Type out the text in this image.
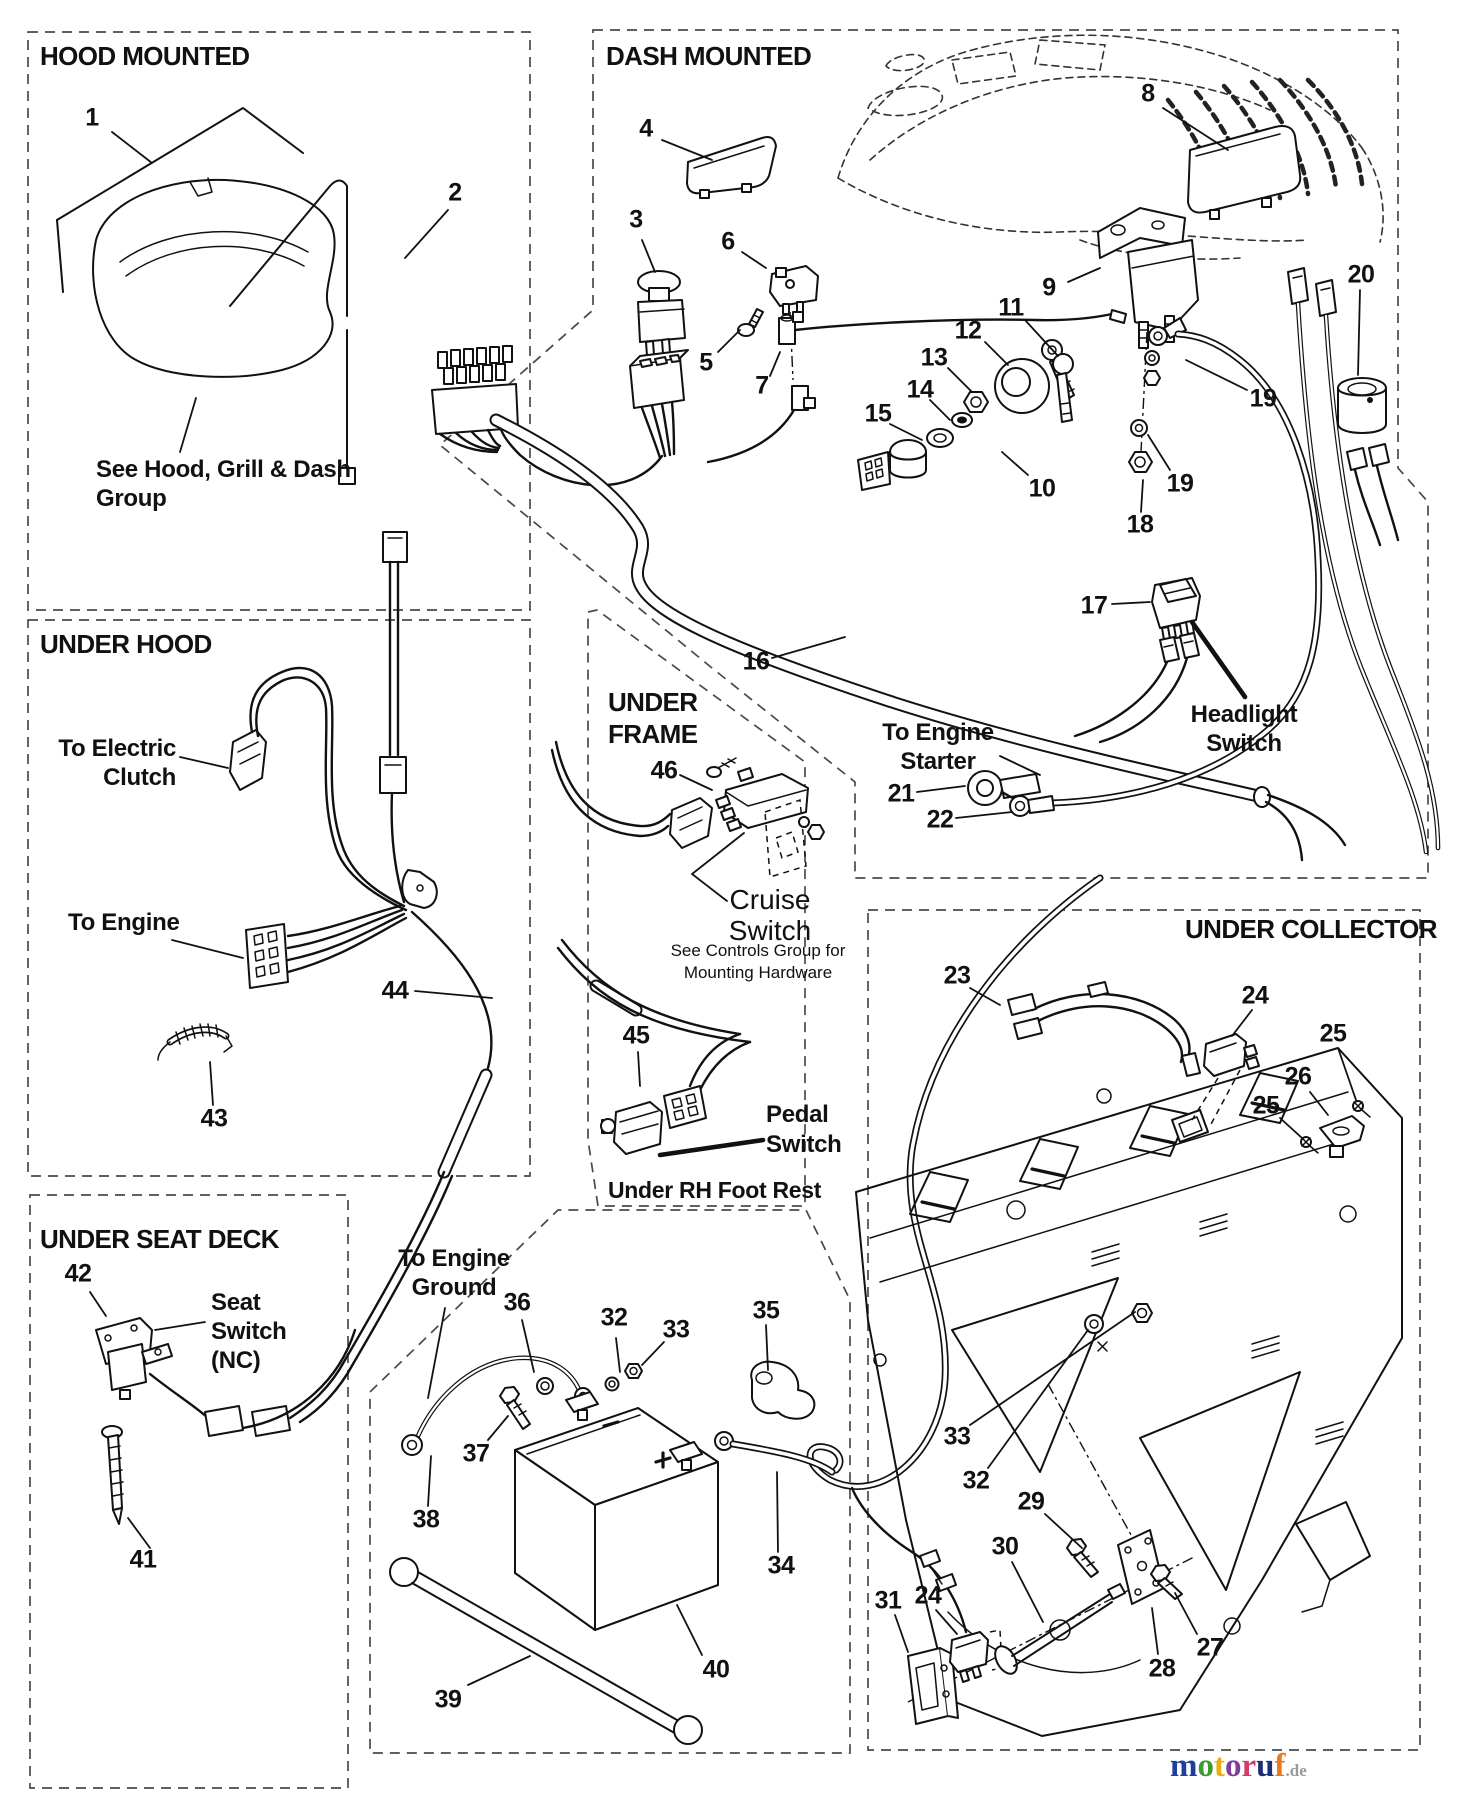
HOOD MOUNTED	DASH MOUNTED
UNDER HOOD
UNDER
FRAME
UNDER SEAT DECK
UNDER COLLECTOR
See Hood, Grill & Dash
Group
To Electric
Clutch
To Engine
To Engine
Starter
Headlight
Switch
Cruise
Switch
See Controls Group for
Mounting Hardware
Pedal
Switch
Under RH Foot Rest
Seat
Switch
(NC)
To Engine
Ground
1
2
3
4
5
6
7
8
9
10
11
12
13
14
15
16
17
18
19
19
20
21
22
23
24
25
26
25
33
32
29
30
31 24
28
27
36
32 33
35
37
38
34
39
40
41
42
43
44
45
46
motoruf.de
